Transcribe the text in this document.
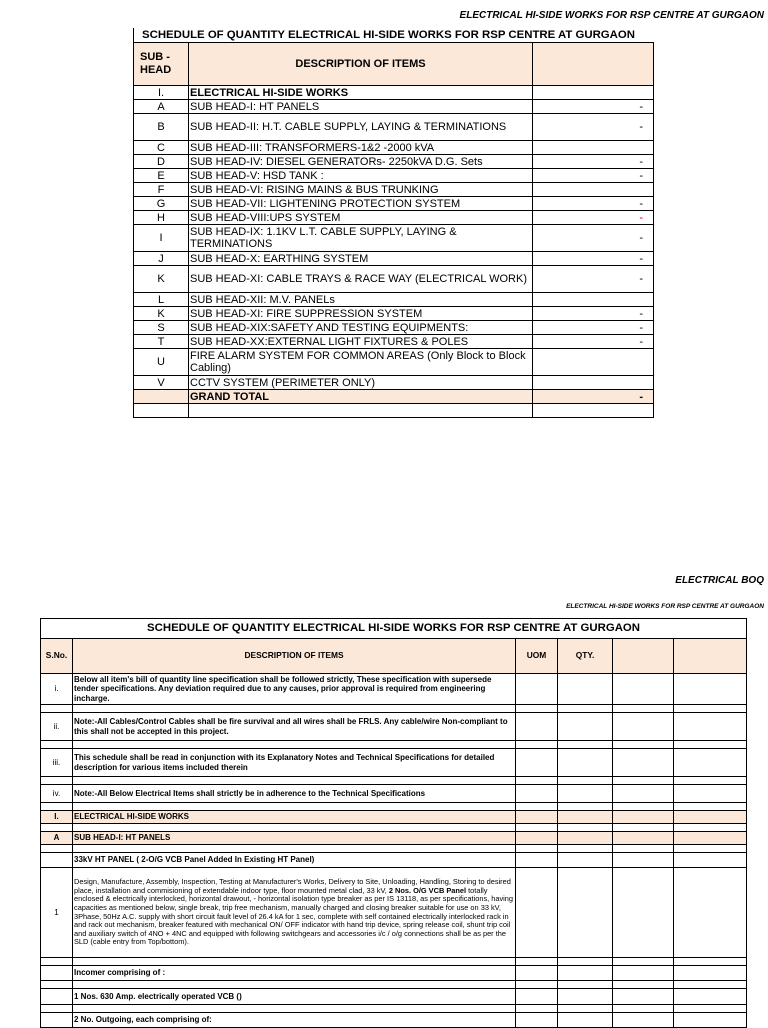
ELECTRICAL HI-SIDE WORKS FOR RSP CENTRE AT GURGAON
SCHEDULE OF QUANTITY ELECTRICAL HI-SIDE WORKS FOR RSP CENTRE AT GURGAON
SUB - HEAD	DESCRIPTION OF ITEMS	

I.	ELECTRICAL HI-SIDE WORKS	
A	SUB HEAD-I: HT PANELS	-
B	SUB HEAD-II: H.T. CABLE SUPPLY, LAYING & TERMINATIONS	-
C	SUB HEAD-III: TRANSFORMERS-1&2 -2000 kVA	
D	SUB HEAD-IV: DIESEL GENERATORs- 2250kVA D.G. Sets	-
E	SUB HEAD-V: HSD TANK :	-
F	SUB HEAD-VI: RISING MAINS & BUS TRUNKING	
G	SUB HEAD-VII: LIGHTENING PROTECTION SYSTEM	-
H	SUB HEAD-VIII:UPS SYSTEM	-
I	SUB HEAD-IX: 1.1KV L.T. CABLE SUPPLY, LAYING & TERMINATIONS	-
J	SUB HEAD-X: EARTHING SYSTEM	-
K	SUB HEAD-XI: CABLE TRAYS & RACE WAY (ELECTRICAL WORK)	-
L	SUB HEAD-XII: M.V. PANELs	
K	SUB HEAD-XI: FIRE SUPPRESSION SYSTEM	-
S	SUB HEAD-XIX:SAFETY AND TESTING EQUIPMENTS:	-
T	SUB HEAD-XX:EXTERNAL LIGHT FIXTURES & POLES	-
U	FIRE ALARM SYSTEM FOR COMMON AREAS (Only Block to Block Cabling)	
V	CCTV SYSTEM (PERIMETER ONLY)	
	GRAND TOTAL	-

ELECTRICAL BOQ
ELECTRICAL HI-SIDE WORKS FOR RSP CENTRE AT GURGAON
SCHEDULE OF QUANTITY ELECTRICAL HI-SIDE WORKS FOR RSP CENTRE AT GURGAON					
S.No.	DESCRIPTION OF ITEMS	UOM	QTY.		
i.	Below all item's bill of quantity line specification shall be followed strictly, These specification with supersede tender specifications. Any deviation required due to any causes, prior approval is required from engineering incharge.				

ii.	Note:-All Cables/Control Cables shall be fire survival and all wires shall be FRLS. Any cable/wire Non-compliant to this shall not be accepted in this project.				

iii.	This schedule shall be read in conjunction with its Explanatory Notes and Technical Specifications for detailed description for various items included therein				

iv.	Note:-All Below Electrical Items shall strictly be in adherence to the Technical Specifications				

I.	ELECTRICAL HI-SIDE WORKS				

A	SUB HEAD-I: HT PANELS				

	33kV HT PANEL ( 2-O/G VCB Panel Added In Existing HT Panel)				
1	Design, Manufacture, Assembly, Inspection, Testing at Manufacturer's Works, Delivery to Site, Unloading, Handling, Storing to desired place, installation and commisioning of extendable indoor type, floor mounted metal clad, 33 kV, 2 Nos. O/G VCB Panel totally enclosed & electrically interlocked, horizontal drawout, - horizontal isolation type breaker as per IS 13118, as per specifications, having capacities as mentioned below, single break, trip free mechanism, manually charged and closing breaker suitable for use on 33 kV, 3Phase, 50Hz A.C. supply with short circuit fault level of 26.4 kA for 1 sec, complete with self contained electrically interlocked rack in and rack out mechanism, breaker featured with mechanical ON/ OFF indicator with hand trip device, spring release coil, shunt trip coil and auxiliary switch of 4NO + 4NC and equipped with following switchgears and accessories i/c / o/g connections shall be as per the SLD (cable entry from Top/bottom).				

	Incomer comprising of :				

	1 Nos. 630 Amp. electrically operated VCB ()				

	2 No. Outgoing, each comprising of:				
